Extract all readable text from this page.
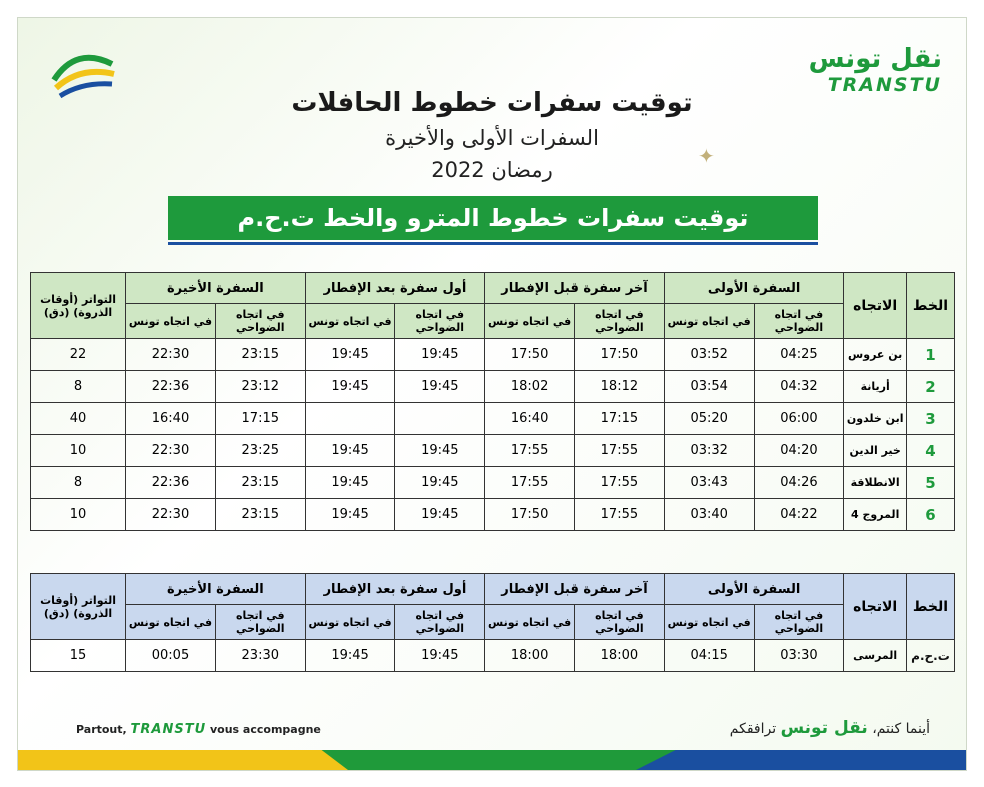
نقل تونس
TRANSTU
توقيت سفرات خطوط الحافلات
السفرات الأولى والأخيرة
رمضان 2022
✦
توقيت سفرات خطوط المترو والخط ت.ح.م
الخط	الاتجاه	السفرة الأولى		آخر سفرة قبل الإفطار		أول سفرة بعد الإفطار		السفرة الأخيرة		التواتر (أوقات الذروة) (دق)
		في اتجاه الضواحي	في اتجاه تونس	في اتجاه الضواحي	في اتجاه تونس	في اتجاه الضواحي	في اتجاه تونس	في اتجاه الضواحي	في اتجاه تونس	
1	بن عروس	04:25	03:52	17:50	17:50	19:45	19:45	23:15	22:30	22
2	أريانة	04:32	03:54	18:12	18:02	19:45	19:45	23:12	22:36	8
3	ابن خلدون	06:00	05:20	17:15	16:40			17:15	16:40	40
4	خير الدين	04:20	03:32	17:55	17:55	19:45	19:45	23:25	22:30	10
5	الانطلاقة	04:26	03:43	17:55	17:55	19:45	19:45	23:15	22:36	8
6	المروج 4	04:22	03:40	17:55	17:50	19:45	19:45	23:15	22:30	10
الخط	الاتجاه	السفرة الأولى		آخر سفرة قبل الإفطار		أول سفرة بعد الإفطار		السفرة الأخيرة		التواتر (أوقات الذروة) (دق)
		في اتجاه الضواحي	في اتجاه تونس	في اتجاه الضواحي	في اتجاه تونس	في اتجاه الضواحي	في اتجاه تونس	في اتجاه الضواحي	في اتجاه تونس	
ت.ح.م	المرسى	03:30	04:15	18:00	18:00	19:45	19:45	23:30	00:05	15
Partout, TRANSTU vous accompagne	أينما كنتم، نقل تونس ترافقكم
